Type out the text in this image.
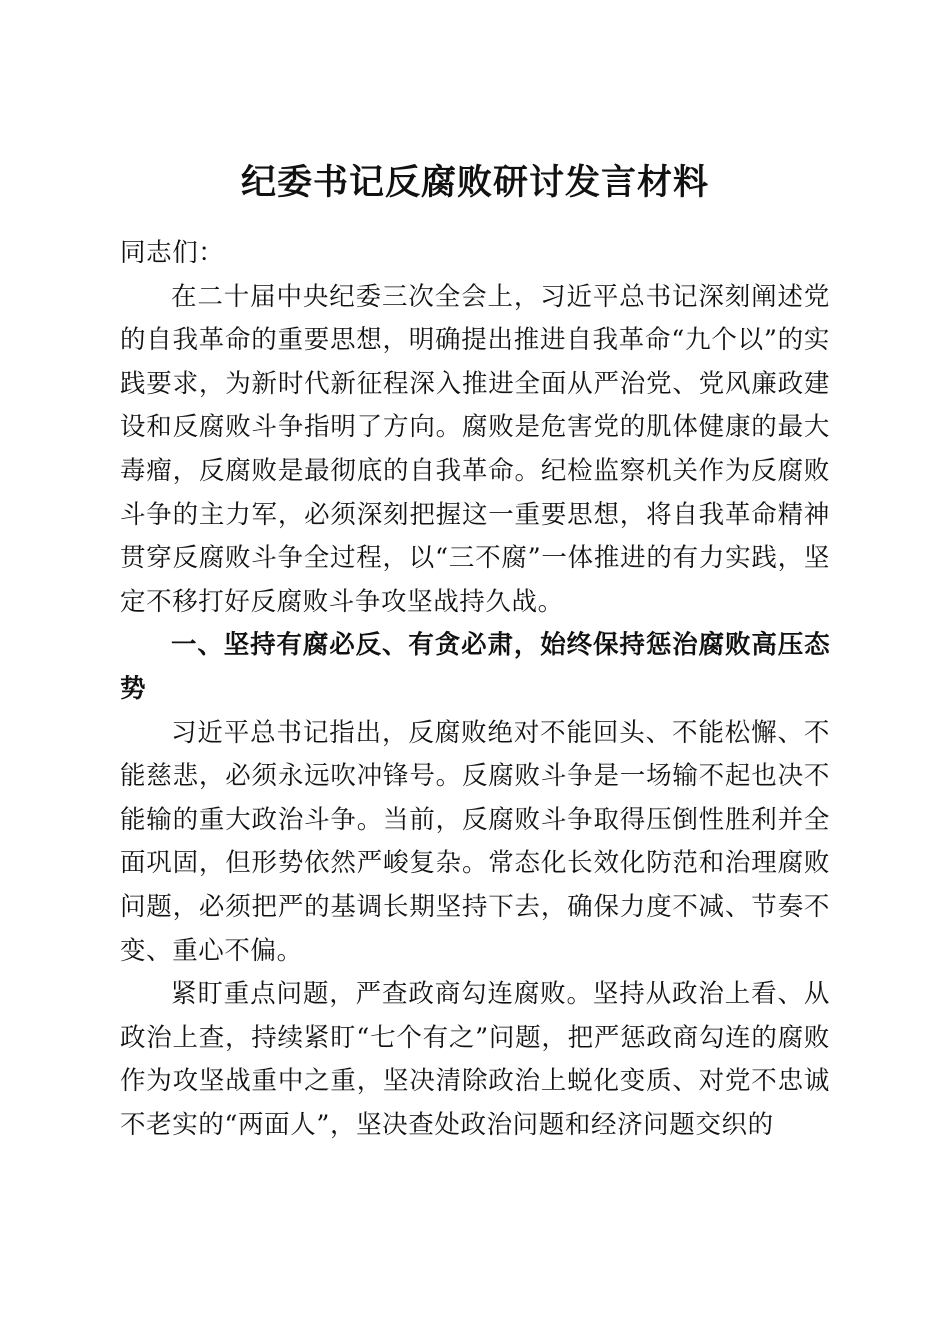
纪委书记反腐败研讨发言材料

同志们：

在二十届中央纪委三次全会上，习近平总书记深刻阐述党的自我革命的重要思想，明确提出推进自我革命“九个以”的实践要求，为新时代新征程深入推进全面从严治党、党风廉政建设和反腐败斗争指明了方向。腐败是危害党的肌体健康的最大毒瘤，反腐败是最彻底的自我革命。纪检监察机关作为反腐败斗争的主力军，必须深刻把握这一重要思想，将自我革命精神贯穿反腐败斗争全过程，以“三不腐”一体推进的有力实践，坚定不移打好反腐败斗争攻坚战持久战。

一、坚持有腐必反、有贪必肃，始终保持惩治腐败高压态势

习近平总书记指出，反腐败绝对不能回头、不能松懈、不能慈悲，必须永远吹冲锋号。反腐败斗争是一场输不起也决不能输的重大政治斗争。当前，反腐败斗争取得压倒性胜利并全面巩固，但形势依然严峻复杂。常态化长效化防范和治理腐败问题，必须把严的基调长期坚持下去，确保力度不减、节奏不变、重心不偏。

紧盯重点问题，严查政商勾连腐败。坚持从政治上看、从政治上查，持续紧盯“七个有之”问题，把严惩政商勾连的腐败作为攻坚战重中之重，坚决清除政治上蜕化变质、对党不忠诚不老实的“两面人”，坚决查处政治问题和经济问题交织的
